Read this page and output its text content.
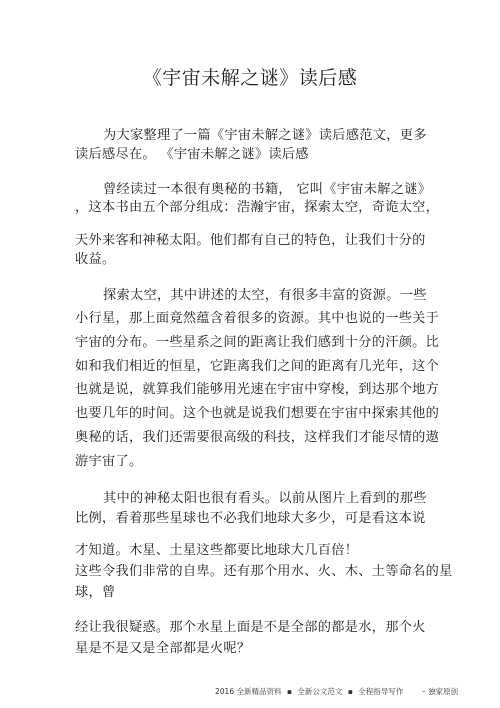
《宇宙未解之谜》读后感
为大家整理了一篇《宇宙未解之谜》读后感范文，更多
读后感尽在。 《宇宙未解之谜》读后感
曾经读过一本很有奥秘的书籍， 它叫《宇宙未解之谜》
，这本书由五个部分组成：浩瀚宇宙，探索太空，奇诡太空，
天外来客和神秘太阳。他们都有自己的特色，让我们十分的
收益。
探索太空，其中讲述的太空，有很多丰富的资源。一些
小行星，那上面竟然蕴含着很多的资源。其中也说的一些关于
宇宙的分布。一些星系之间的距离让我们感到十分的汗颜。比
如和我们相近的恒星，它距离我们之间的距离有几光年，这个
也就是说，就算我们能够用光速在宇宙中穿梭，到达那个地方
也要几年的时间。这个也就是说我们想要在宇宙中探索其他的
奥秘的话，我们还需要很高级的科技，这样我们才能尽情的遨
游宇宙了。
其中的神秘太阳也很有看头。以前从图片上看到的那些
比例，看着那些星球也不必我们地球大多少，可是看这本说
才知道。木星、土星这些都要比地球大几百倍！
这些令我们非常的自卑。还有那个用水、火、木、土等命名的星
球，曾
经让我很疑惑。那个水星上面是不是全部的都是水，那个火
星是不是又是全部都是火呢？
2016 全新精品资料 ▪ 全新公文范文 ▪ 全程指导写作	– 独家原创
